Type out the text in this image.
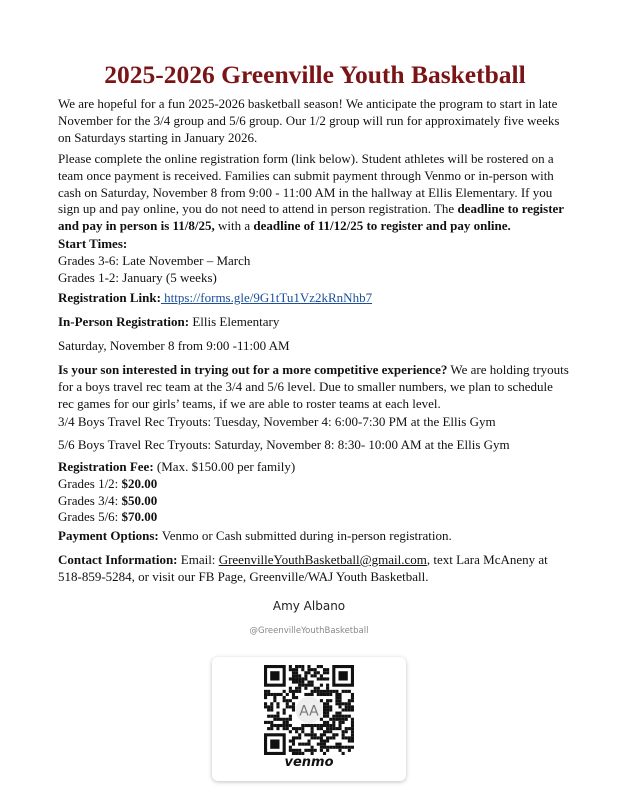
2025-2026 Greenville Youth Basketball

We are hopeful for a fun 2025-2026 basketball season! We anticipate the program to start in late November for the 3/4 group and 5/6 group. Our 1/2 group will run for approximately five weeks on Saturdays starting in January 2026.

Please complete the online registration form (link below). Student athletes will be rostered on a team once payment is received. Families can submit payment through Venmo or in-person with cash on Saturday, November 8 from 9:00 - 11:00 AM in the hallway at Ellis Elementary. If you sign up and pay online, you do not need to attend in person registration. The deadline to register and pay in person is 11/8/25, with a deadline of 11/12/25 to register and pay online.

Start Times:
Grades 3-6: Late November – March
Grades 1-2: January (5 weeks)

Registration Link: https://forms.gle/9G1tTu1Vz2kRnNhb7

In-Person Registration: Ellis Elementary

Saturday, November 8 from 9:00 -11:00 AM

Is your son interested in trying out for a more competitive experience? We are holding tryouts for a boys travel rec team at the 3/4 and 5/6 level. Due to smaller numbers, we plan to schedule rec games for our girls’ teams, if we are able to roster teams at each level.

3/4 Boys Travel Rec Tryouts: Tuesday, November 4: 6:00-7:30 PM at the Ellis Gym

5/6 Boys Travel Rec Tryouts: Saturday, November 8: 8:30- 10:00 AM at the Ellis Gym

Registration Fee: (Max. $150.00 per family)
Grades 1/2: $20.00
Grades 3/4: $50.00
Grades 5/6: $70.00

Payment Options: Venmo or Cash submitted during in-person registration.

Contact Information: Email: GreenvilleYouthBasketball@gmail.com, text Lara McAneny at 518-859-5284, or visit our FB Page, Greenville/WAJ Youth Basketball.

Amy Albano
@GreenvilleYouthBasketball
AA
venmo
